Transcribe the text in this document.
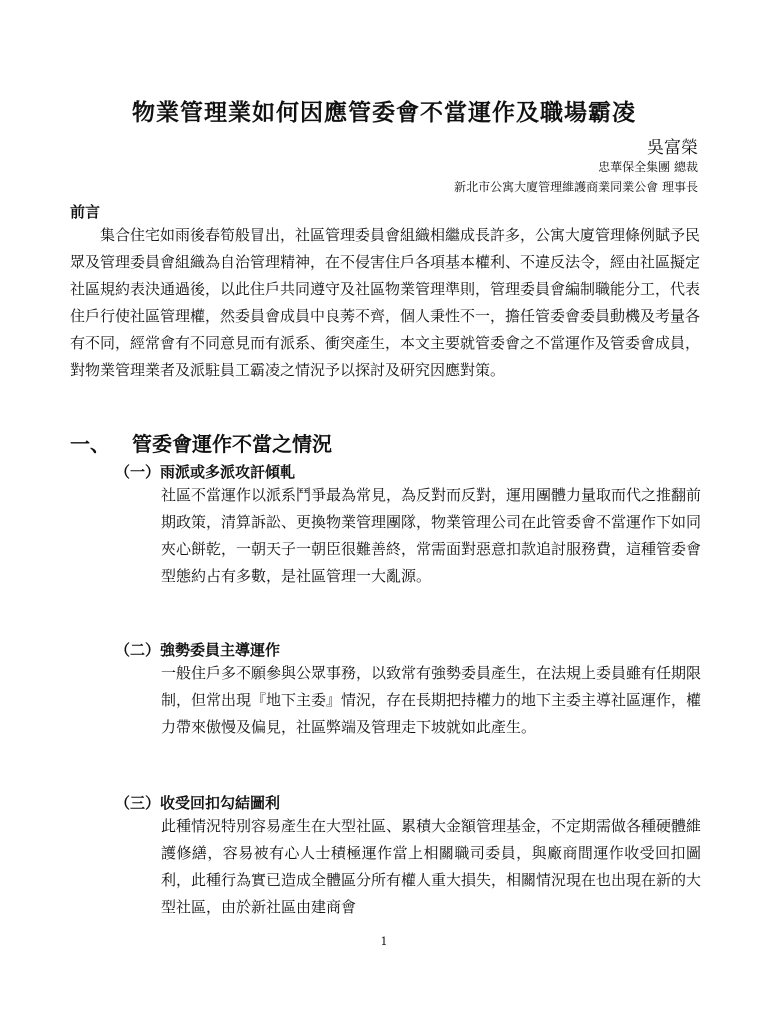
物業管理業如何因應管委會不當運作及職場霸凌
吳富榮
忠華保全集團 總裁
新北市公寓大廈管理維護商業同業公會 理事長
前言

集合住宅如雨後春筍般冒出，社區管理委員會組織相繼成長許多，公寓大廈管理條例賦予民眾及管理委員會組織為自治管理精神，在不侵害住戶各項基本權利、不違反法令，經由社區擬定社區規約表決通過後，以此住戶共同遵守及社區物業管理準則，管理委員會編制職能分工，代表住戶行使社區管理權，然委員會成員中良莠不齊，個人秉性不一，擔任管委會委員動機及考量各有不同，經常會有不同意見而有派系、衝突產生，本文主要就管委會之不當運作及管委會成員，對物業管理業者及派駐員工霸凌之情況予以探討及研究因應對策。

一、 管委會運作不當之情況
（一）雨派或多派攻訐傾軋

社區不當運作以派系鬥爭最為常見，為反對而反對，運用團體力量取而代之推翻前期政策，清算訴訟、更換物業管理團隊，物業管理公司在此管委會不當運作下如同夾心餅乾，一朝天子一朝臣很難善終，常需面對惡意扣款追討服務費，這種管委會型態約占有多數，是社區管理一大亂源。

（二）強勢委員主導運作

一般住戶多不願參與公眾事務，以致常有強勢委員產生，在法規上委員雖有任期限制，但常出現『地下主委』情況，存在長期把持權力的地下主委主導社區運作，權力帶來傲慢及偏見，社區弊端及管理走下坡就如此產生。

（三）收受回扣勾結圖利

此種情況特別容易產生在大型社區、累積大金額管理基金，不定期需做各種硬體維護修繕，容易被有心人士積極運作當上相關職司委員，與廠商間運作收受回扣圖利，此種行為實已造成全體區分所有權人重大損失，相關情況現在也出現在新的大型社區，由於新社區由建商會

1
